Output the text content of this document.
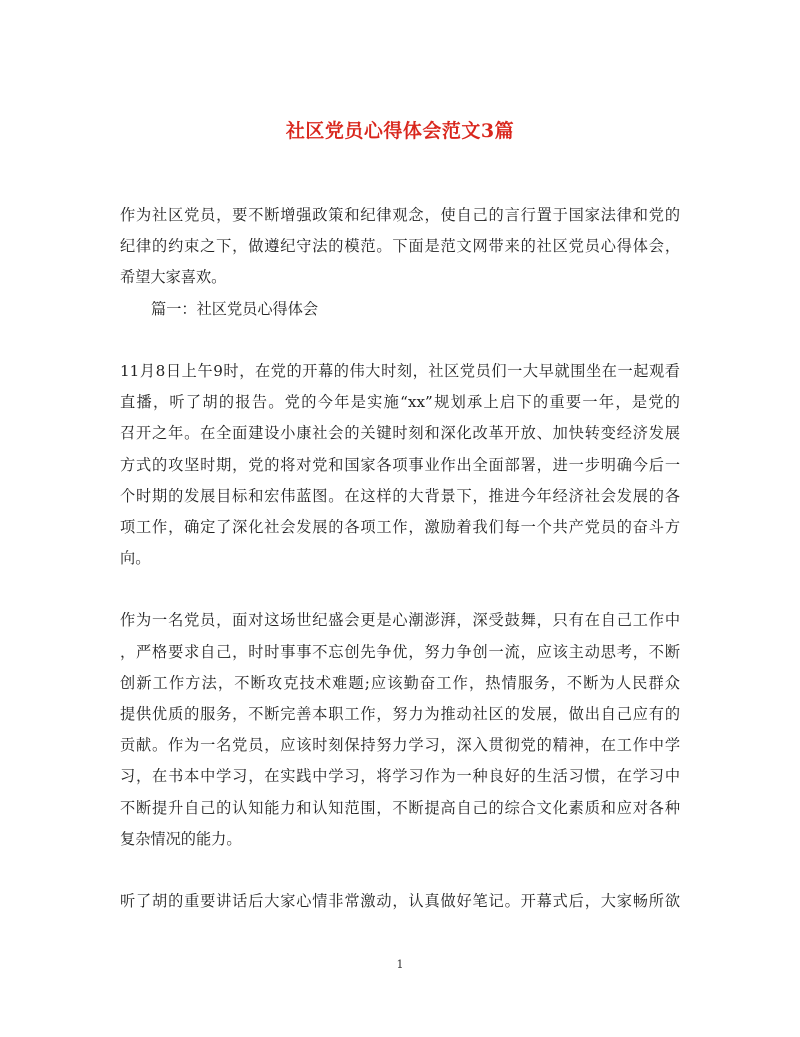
社区党员心得体会范文3篇
作为社区党员，要不断增强政策和纪律观念，使自己的言行置于国家法律和党的
纪律的约束之下，做遵纪守法的模范。下面是范文网带来的社区党员心得体会，
希望大家喜欢。
篇一：社区党员心得体会
11月8日上午9时，在党的开幕的伟大时刻，社区党员们一大早就围坐在一起观看
直播，听了胡的报告。党的今年是实施“xx”规划承上启下的重要一年，是党的
召开之年。在全面建设小康社会的关键时刻和深化改革开放、加快转变经济发展
方式的攻坚时期，党的将对党和国家各项事业作出全面部署，进一步明确今后一
个时期的发展目标和宏伟蓝图。在这样的大背景下，推进今年经济社会发展的各
项工作，确定了深化社会发展的各项工作，激励着我们每一个共产党员的奋斗方
向。
作为一名党员，面对这场世纪盛会更是心潮澎湃，深受鼓舞，只有在自己工作中
，严格要求自己，时时事事不忘创先争优，努力争创一流，应该主动思考，不断
创新工作方法，不断攻克技术难题;应该勤奋工作，热情服务，不断为人民群众
提供优质的服务，不断完善本职工作，努力为推动社区的发展，做出自己应有的
贡献。作为一名党员，应该时刻保持努力学习，深入贯彻党的精神，在工作中学
习，在书本中学习，在实践中学习，将学习作为一种良好的生活习惯，在学习中
不断提升自己的认知能力和认知范围，不断提高自己的综合文化素质和应对各种
复杂情况的能力。
听了胡的重要讲话后大家心情非常激动，认真做好笔记。开幕式后，大家畅所欲
1
